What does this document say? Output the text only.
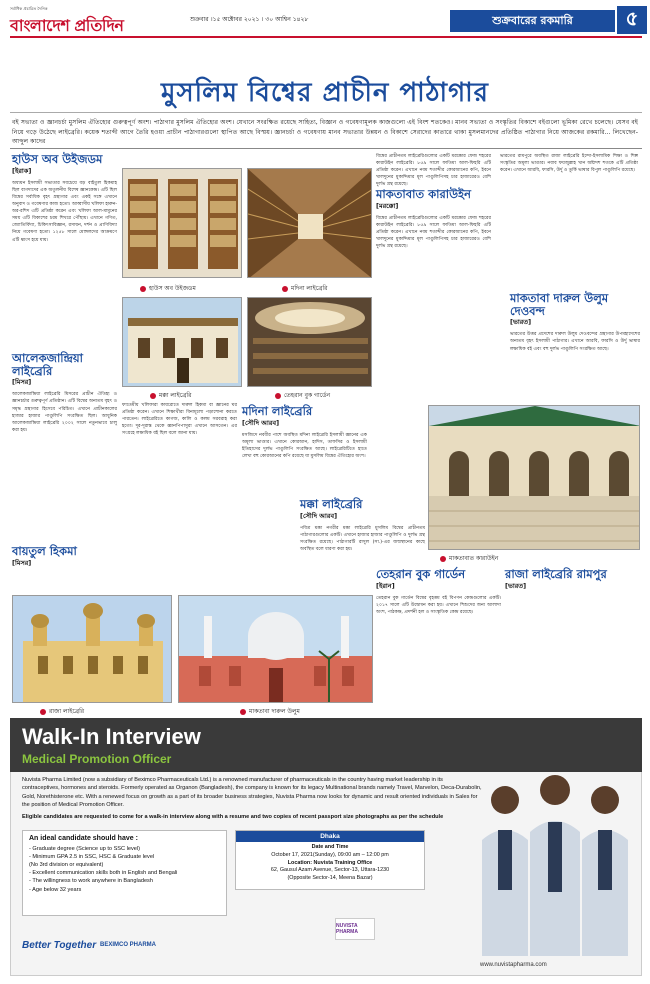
সর্বাধিক প্রচারিত দৈনিক
বাংলাদেশ প্রতিদিন	শুক্রবার ।১৫ অক্টোবর ২০২১ । ৩০ আশ্বিন ১৪২৮	শুক্রবারের রকমারি	৫
মুসলিম বিশ্বের প্রাচীন পাঠাগার
বই সভ্যতা ও জ্ঞানচর্চা মুসলিম ঐতিহ্যের গুরুত্বপূর্ণ অংশ। পাঠাগার মুসলিম ঐতিহ্যের অংশ। যেখানে সংরক্ষিত রয়েছে সাহিত্য, বিজ্ঞান ও গবেষণামূলক কাজগুলো এই বিংশ শতকেও। মানব সভ্যতা ও সংস্কৃতির বিকাশে বইগুলো ভূমিকা রেখে চলেছে। যেসব বই নিয়ে গড়ে উঠেছে লাইব্রেরি। কয়েক শতাব্দী আগে তৈরি হওয়া প্রাচীন পাঠাগারগুলো স্থাপিত আছে বিস্ময়। জ্ঞানচর্চা ও গবেষণায় মানব সভ্যতার উন্নয়ন ও বিকাশে সেরাদের কাতারে থাকা মুসলমানদের প্রতিষ্ঠিত পাঠাগার নিয়ে আজকের রকমারি... লিখেছেন- আব্দুল কাদের
হাউস অব উইজডম
[ইরাক]
অধ্যয়ন ইসলামী সভ্যতার সবচেয়ে বড় বাইতুল হিকমাহ ছিল বাগদাদের এক অতুলনীয় বিশেষ জ্ঞানকেন্দ্র। এটি ছিল বিশ্বের সর্বাধিক বৃহৎ গ্রন্থাগার এবং একই সঙ্গে এখানে অনুবাদ ও গবেষণার কাজ হতো। আব্বাসীয় খলিফা হারুন-অর-রশিদ এটি প্রতিষ্ঠা করেন এবং খলিফা আল-মামুনের সময় এটি বিকাশের চরম শিখরে পৌঁছায়। এখানে গণিত, জ্যোতির্বিদ্যা, চিকিৎসাবিজ্ঞান, রসায়ন, দর্শন ও প্রাণিবিদ্যা নিয়ে গবেষণা হতো। ১২৫৮ সালে মোঙ্গলদের আক্রমণে এটি ধ্বংস হয়ে যায়।
আলেকজান্দ্রিয়া লাইব্রেরি
[মিসর]
আলেকজান্দ্রিয়া লাইব্রেরি মিসরের প্রাচীন ঐতিহ্য ও জ্ঞানচর্চার গুরুত্বপূর্ণ প্রতিষ্ঠান। এটি বিশ্বের অন্যতম বৃহৎ ও সমৃদ্ধ গ্রন্থাগার হিসেবে পরিচিত। এখানে প্রাচীনকালের হাজার হাজার পাণ্ডুলিপি সংরক্ষিত ছিল। আধুনিক আলেকজান্দ্রিয়া লাইব্রেরি ২০০২ সালে নতুনভাবে চালু করা হয়।
বায়তুল হিকমা
[মিসর]
হাউস অব উইজডম	মদিনা লাইব্রেরি
মক্কা লাইব্রেরি	তেহরান বুক গার্ডেন
ফাতেমীয় খলিফারা কায়রোতে দারুল হিকমা বা জ্ঞানের ঘর প্রতিষ্ঠা করেন। এখানে শিক্ষার্থীরা বিনামূল্যে পড়াশোনা করতে পারতেন। লাইব্রেরিতে কাগজ, কালি ও কলম সরবরাহ করা হতো। দূর-দূরান্ত থেকে জ্ঞানপিপাসুরা এখানে আসতেন। এর সংগ্রহে লক্ষাধিক বই ছিল বলে জানা যায়।
মদিনা লাইব্রেরি
[সৌদি আরব]
মসজিদে নববীর পাশে অবস্থিত মদিনা লাইব্রেরি ইসলামী জ্ঞানের এক অমূল্য ভাণ্ডার। এখানে কোরআন, হাদিস, তাফসির ও ইসলামী ইতিহাসের দুর্লভ পাণ্ডুলিপি সংরক্ষিত আছে। লাইব্রেরিটিতে হাতে লেখা বহু কোরআনের কপি রয়েছে যা মুসলিম বিশ্বের ঐতিহ্যের অংশ।
মক্কা লাইব্রেরি
[সৌদি আরব]
পবিত্র মক্কা নগরীর মক্কা লাইব্রেরি মুসলিম বিশ্বের প্রাচীনতম পাঠাগারগুলোর একটি। এখানে হাজার হাজার পাণ্ডুলিপি ও দুর্লভ গ্রন্থ সংরক্ষিত রয়েছে। পাঠাগারটি রাসুল (সা.)-এর জন্মস্থানের কাছে অবস্থিত বলে ধারণা করা হয়।
বিশ্বের প্রাচীনতম লাইব্রেরিগুলোর একটি মরক্কোর ফেজ শহরের কারাউইন লাইব্রেরি। ৮৫৯ সালে ফাতিমা আল-ফিহরি এটি প্রতিষ্ঠা করেন। এখানে নবম শতাব্দীর কোরআনের কপি, ইবনে খালদুনের মুকাদ্দিমার মূল পাণ্ডুলিপিসহ চার হাজারেরও বেশি দুর্লভ গ্রন্থ রয়েছে।
মাকতাবাত কারাউইন
[মরক্কো]
বিশ্বের প্রাচীনতম লাইব্রেরিগুলোর একটি মরক্কোর ফেজ শহরের কারাউইন লাইব্রেরি। ৮৫৯ সালে ফাতিমা আল-ফিহরি এটি প্রতিষ্ঠা করেন। এখানে নবম শতাব্দীর কোরআনের কপি, ইবনে খালদুনের মুকাদ্দিমার মূল পাণ্ডুলিপিসহ চার হাজারেরও বেশি দুর্লভ গ্রন্থ রয়েছে।
ভারতের রামপুরে অবস্থিত রাজা লাইব্রেরি ইন্দো-ইসলামিক শিক্ষা ও শিল্প সংস্কৃতির অমূল্য ভাণ্ডার। নবাব ফয়জুল্লাহ খান অষ্টাদশ শতকে এটি প্রতিষ্ঠা করেন। এখানে আরবি, ফারসি, উর্দু ও তুর্কি ভাষার বিপুল পাণ্ডুলিপি রয়েছে।
মাকতাবা দারুল উলুম দেওবন্দ
[ভারত]
ভারতের উত্তর প্রদেশের দারুল উলুম দেওবন্দের গ্রন্থাগার উপমহাদেশের অন্যতম বৃহৎ ইসলামী পাঠাগার। এখানে আরবি, ফারসি ও উর্দু ভাষার লক্ষাধিক বই এবং বহু দুর্লভ পাণ্ডুলিপি সংরক্ষিত আছে।
মাকতাবাত কারাউইন
তেহরান বুক গার্ডেন
[ইরান]
তেহরান বুক গার্ডেন বিশ্বের বৃহত্তম বই বিপণন কেন্দ্রগুলোর একটি। ২০১৭ সালে এটি উদ্বোধন করা হয়। এখানে শিশুদের জন্য আলাদা অংশ, পাঠকক্ষ, প্রদর্শনী হল ও সাংস্কৃতিক কেন্দ্র রয়েছে।
রাজা লাইব্রেরি রামপুর
[ভারত]
রাজা লাইব্রেরি	মাকতাবা দারুল উলুম
Walk-In Interview
Medical Promotion Officer
Nuvista Pharma Limited (now a subsidiary of Beximco Pharmaceuticals Ltd.) is a renowned manufacturer of pharmaceuticals in the country having market leadership in its contraceptives, hormones and steroids. Formerly operated as Organon (Bangladesh), the company is known for its legacy Multinational brands namely Travel, Marvelon, Deca-Durabolin, Gold, Norethisterone etc. With a renewed focus on growth as a part of its broader business strategies, Nuvista Pharma now looks for dynamic and result oriented individuals in Sales for the position of Medical Promotion Officer.
Eligible candidates are requested to come for a walk-in interview along with a resume and two copies of recent passport size photographs as per the schedule
An ideal candidate should have :
- Graduate degree (Science up to SSC level)
- Minimum GPA 2.5 in SSC, HSC & Graduate level
(No 3rd division or equivalent)
- Excellent communication skills both in English and Bengali
- The willingness to work anywhere in Bangladesh
- Age below 32 years
Dhaka

Date and Time

October 17, 2021(Sunday), 09:00 am – 12:00 pm

Location: Nuvista Training Office

62, Gausul Azam Avenue, Sector-13, Uttara-1230

(Opposite Sector-14, Meena Bazar)

Better Together BEXIMCO PHARMA
NUVISTA PHARMA
www.nuvistapharma.com
